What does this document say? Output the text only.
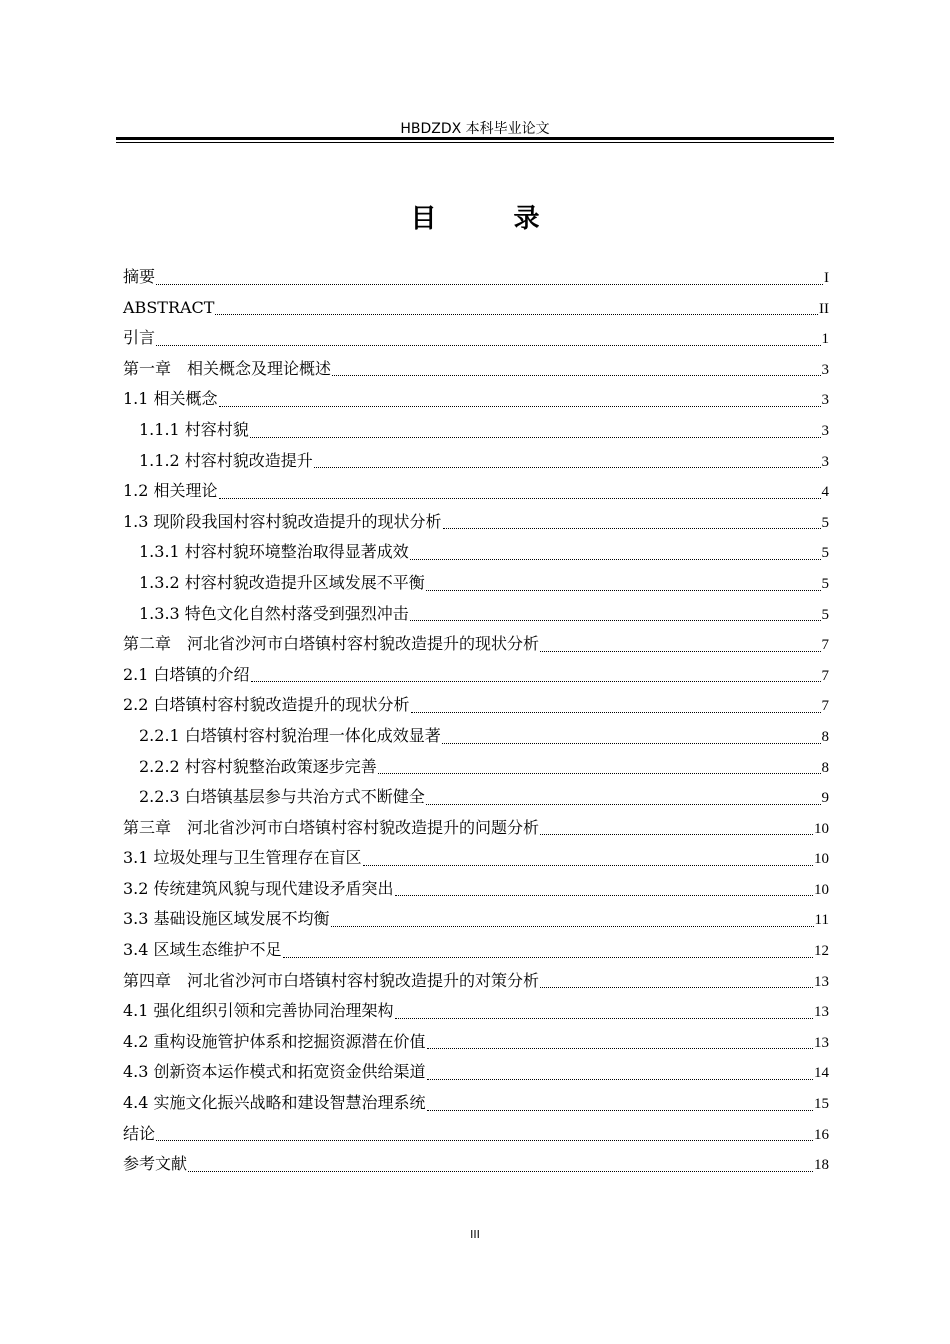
HBDZDX 本科毕业论文
目 录
摘要	I
ABSTRACT	II
引言	1
第一章　相关概念及理论概述	3
1.1 相关概念	3
1.1.1 村容村貌	3
1.1.2 村容村貌改造提升	3
1.2 相关理论	4
1.3 现阶段我国村容村貌改造提升的现状分析	5
1.3.1 村容村貌环境整治取得显著成效	5
1.3.2 村容村貌改造提升区域发展不平衡	5
1.3.3 特色文化自然村落受到强烈冲击	5
第二章　河北省沙河市白塔镇村容村貌改造提升的现状分析	7
2.1 白塔镇的介绍	7
2.2 白塔镇村容村貌改造提升的现状分析	7
2.2.1 白塔镇村容村貌治理一体化成效显著	8
2.2.2 村容村貌整治政策逐步完善	8
2.2.3 白塔镇基层参与共治方式不断健全	9
第三章　河北省沙河市白塔镇村容村貌改造提升的问题分析	10
3.1 垃圾处理与卫生管理存在盲区	10
3.2 传统建筑风貌与现代建设矛盾突出	10
3.3 基础设施区域发展不均衡	11
3.4 区域生态维护不足	12
第四章　河北省沙河市白塔镇村容村貌改造提升的对策分析	13
4.1 强化组织引领和完善协同治理架构	13
4.2 重构设施管护体系和挖掘资源潜在价值	13
4.3 创新资本运作模式和拓宽资金供给渠道	14
4.4 实施文化振兴战略和建设智慧治理系统	15
结论	16
参考文献	18
III
